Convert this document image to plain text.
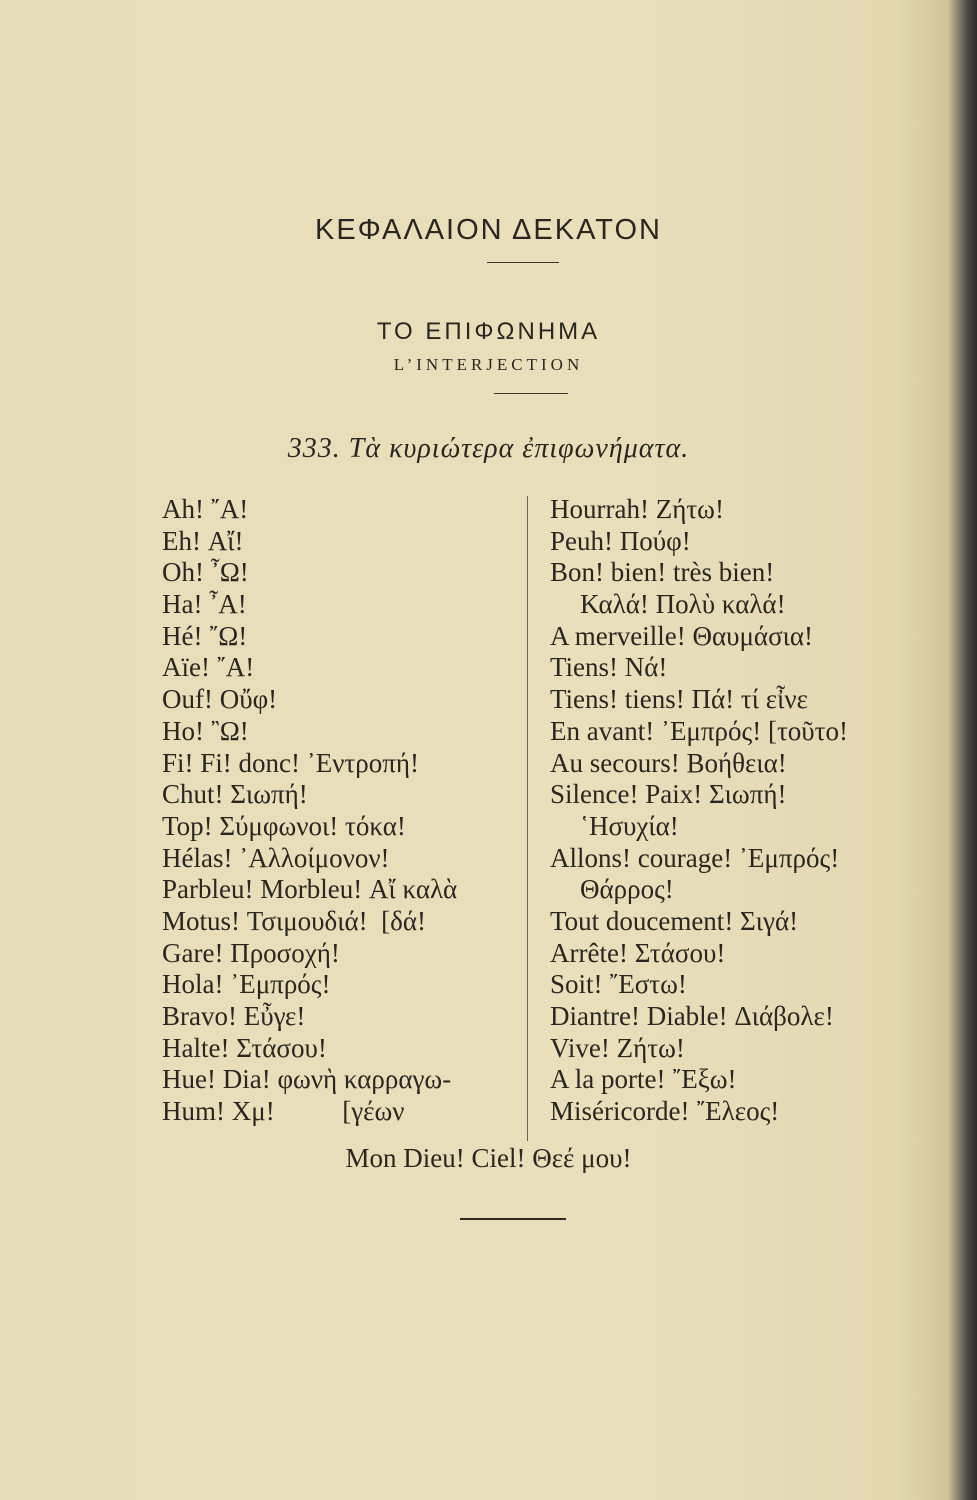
ΚΕΦΑΛΑΙΟΝ ΔΕΚΑΤΟΝ
ΤΟ ΕΠΙΦΩΝΗΜΑ
L’INTERJECTION
333. Τὰ κυριώτερα ἐπιφωνήματα.
Ah! ῎Α!
Eh! Αἴ!
Oh! ῏Ω!
Ha! ῏Α!
Hé! ῎Ω!
Aïe! ῎Α!
Ouf! Οὔφ!
Ho! ῍Ω!
Fi! Fi! donc! ᾿Εντροπή!
Chut! Σιωπή!
Top! Σύμφωνοι! τόκα!
Hélas! ᾿Αλλοίμονον!
Parbleu! Morbleu! Αἴ καλὰ
Motus! Τσιμουδιά!  [δά!
Gare! Προσοχή!
Hola! ᾿Εμπρός!
Bravo! Εὖγε!
Halte! Στάσου!
Hue! Dia! φωνὴ καρραγω-
Hum! Χμ!          [γέων
Hourrah! Ζήτω!
Peuh! Πούφ!
Bon! bien! très bien!
Καλά! Πολὺ καλά!
A merveille! Θαυμάσια!
Tiens! Νά!
Tiens! tiens! Πά! τί εἶνε
En avant! ᾿Εμπρός! [τοῦτο!
Au secours! Βοήθεια!
Silence! Paix! Σιωπή!
῾Ησυχία!
Allons! courage! ᾿Εμπρός!
Θάρρος!
Tout doucement! Σιγά!
Arrête! Στάσου!
Soit! ῎Εστω!
Diantre! Diable! Διάβολε!
Vive! Ζήτω!
A la porte! ῎Εξω!
Miséricorde! ῎Ελεος!
Mon Dieu! Ciel! Θεέ μου!
